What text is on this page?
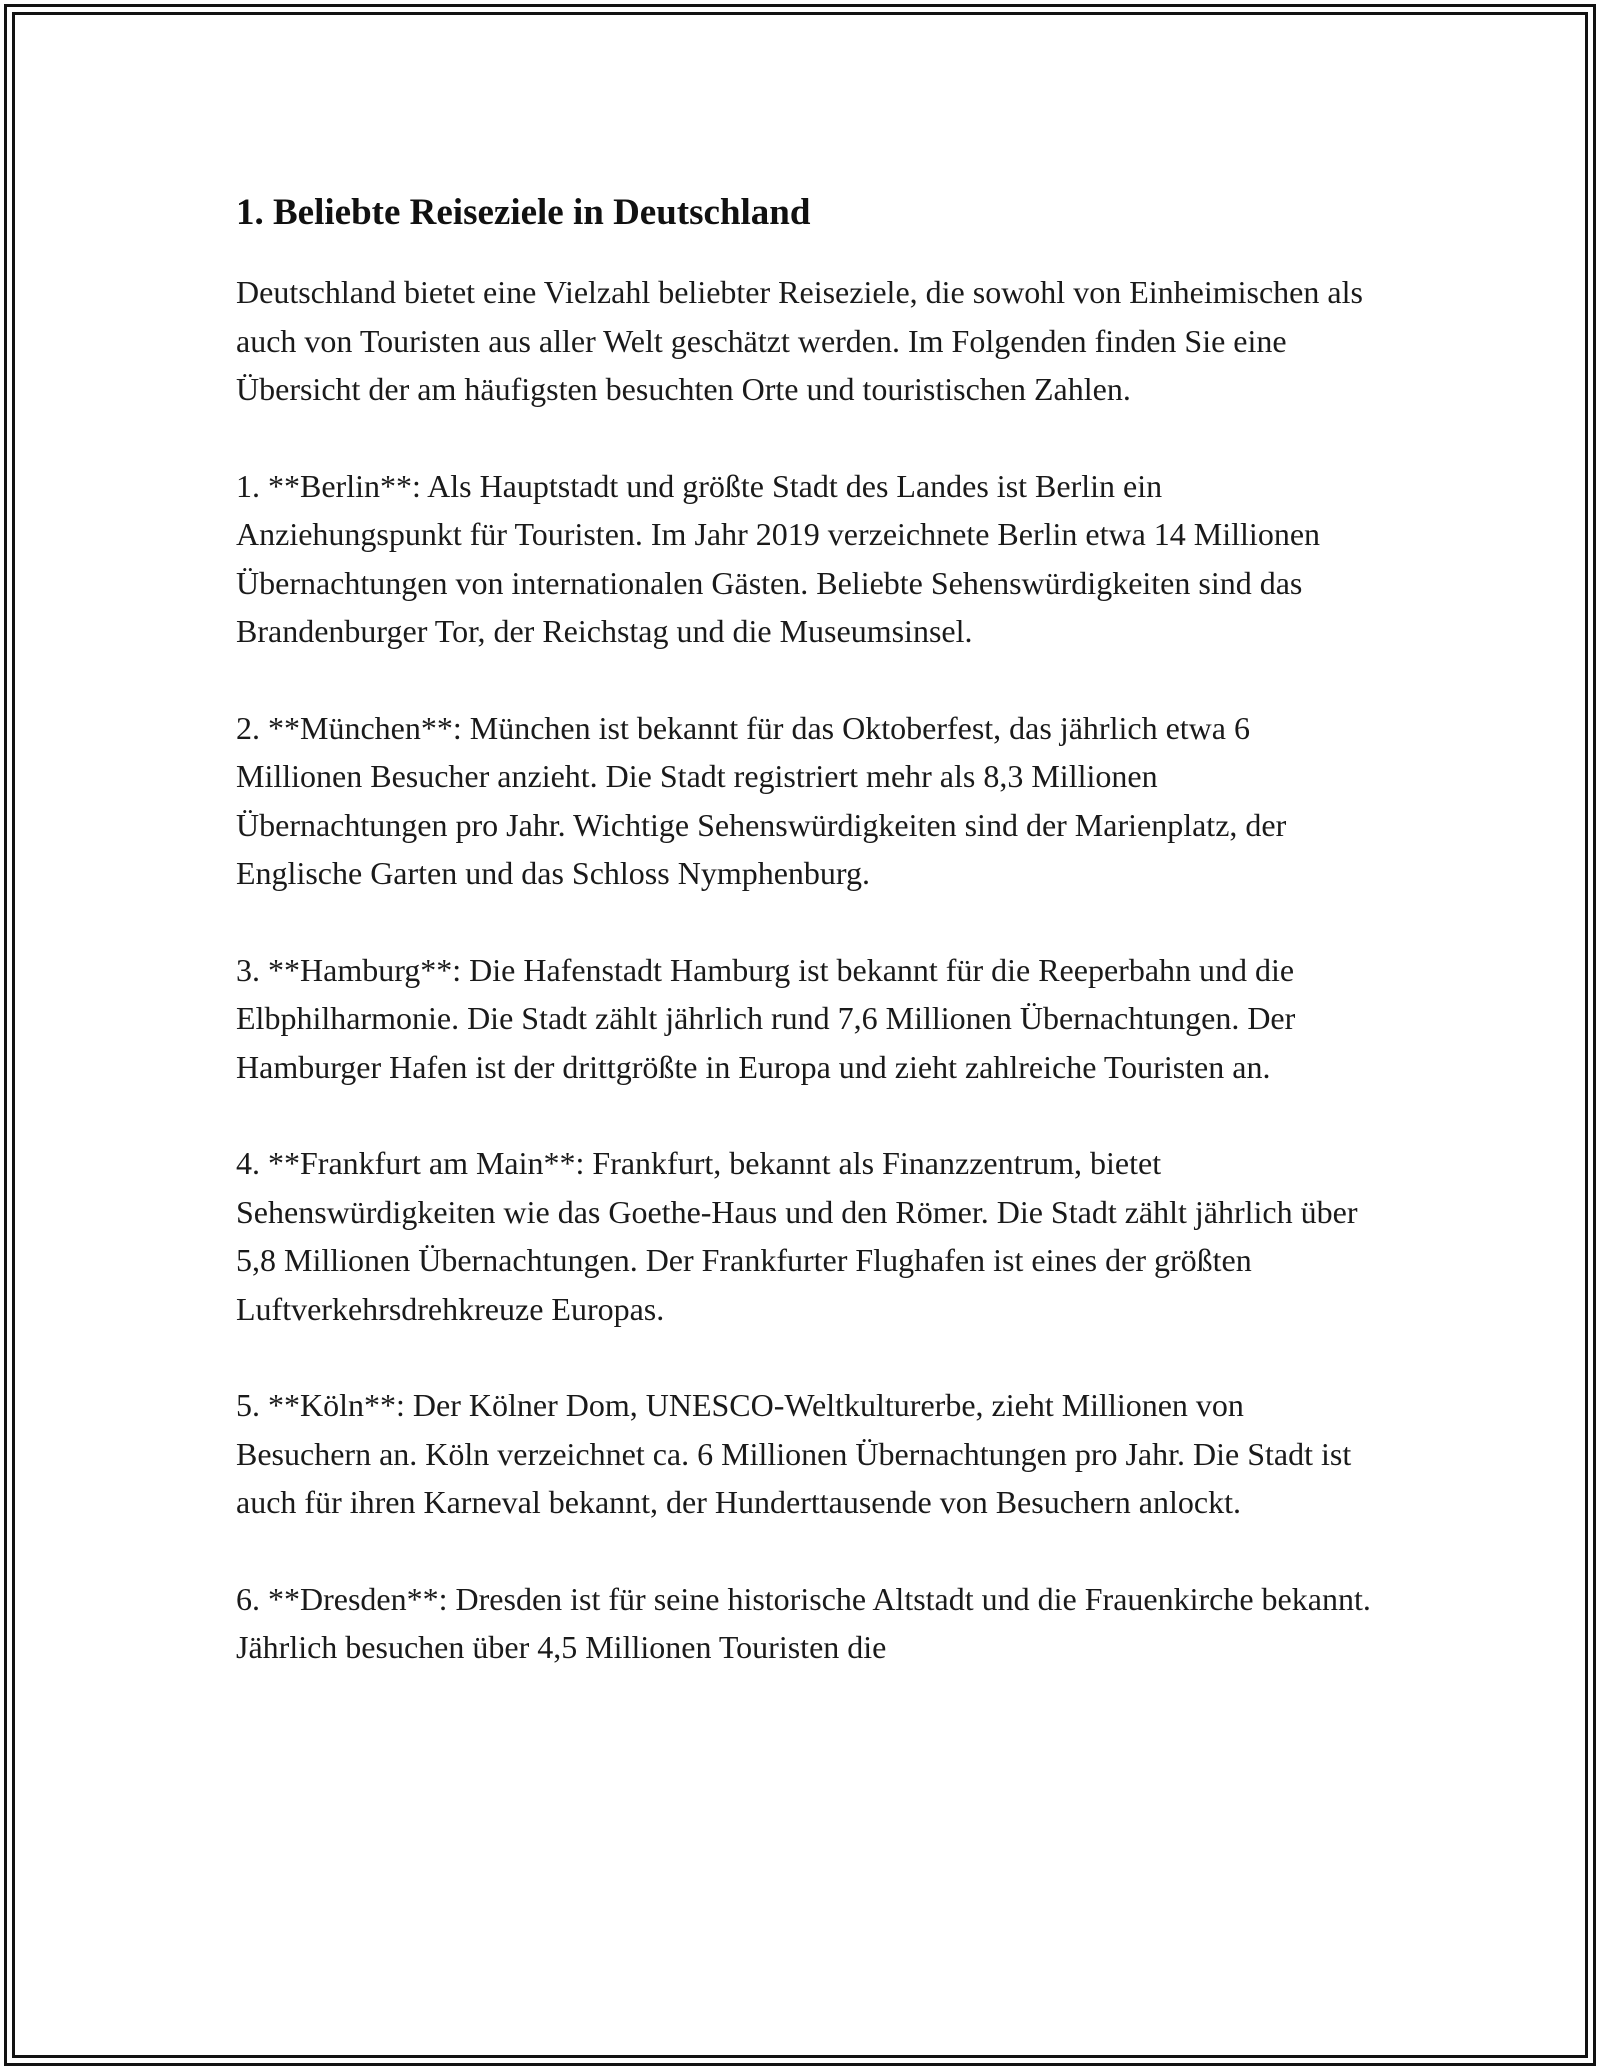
1. Beliebte Reiseziele in Deutschland

Deutschland bietet eine Vielzahl beliebter Reiseziele, die sowohl von Einheimischen als auch von Touristen aus aller Welt geschätzt werden. Im Folgenden finden Sie eine Übersicht der am häufigsten besuchten Orte und touristischen Zahlen.

1. **Berlin**: Als Hauptstadt und größte Stadt des Landes ist Berlin ein Anziehungspunkt für Touristen. Im Jahr 2019 verzeichnete Berlin etwa 14 Millionen Übernachtungen von internationalen Gästen. Beliebte Sehenswürdigkeiten sind das Brandenburger Tor, der Reichstag und die Museumsinsel.

2. **München**: München ist bekannt für das Oktoberfest, das jährlich etwa 6 Millionen Besucher anzieht. Die Stadt registriert mehr als 8,3 Millionen Übernachtungen pro Jahr. Wichtige Sehenswürdigkeiten sind der Marienplatz, der Englische Garten und das Schloss Nymphenburg.

3. **Hamburg**: Die Hafenstadt Hamburg ist bekannt für die Reeperbahn und die Elbphilharmonie. Die Stadt zählt jährlich rund 7,6 Millionen Übernachtungen. Der Hamburger Hafen ist der drittgrößte in Europa und zieht zahlreiche Touristen an.

4. **Frankfurt am Main**: Frankfurt, bekannt als Finanzzentrum, bietet Sehenswürdigkeiten wie das Goethe-Haus und den Römer. Die Stadt zählt jährlich über 5,8 Millionen Übernachtungen. Der Frankfurter Flughafen ist eines der größten Luftverkehrsdrehkreuze Europas.

5. **Köln**: Der Kölner Dom, UNESCO-Weltkulturerbe, zieht Millionen von Besuchern an. Köln verzeichnet ca. 6 Millionen Übernachtungen pro Jahr. Die Stadt ist auch für ihren Karneval bekannt, der Hunderttausende von Besuchern anlockt.

6. **Dresden**: Dresden ist für seine historische Altstadt und die Frauenkirche bekannt. Jährlich besuchen über 4,5 Millionen Touristen die
